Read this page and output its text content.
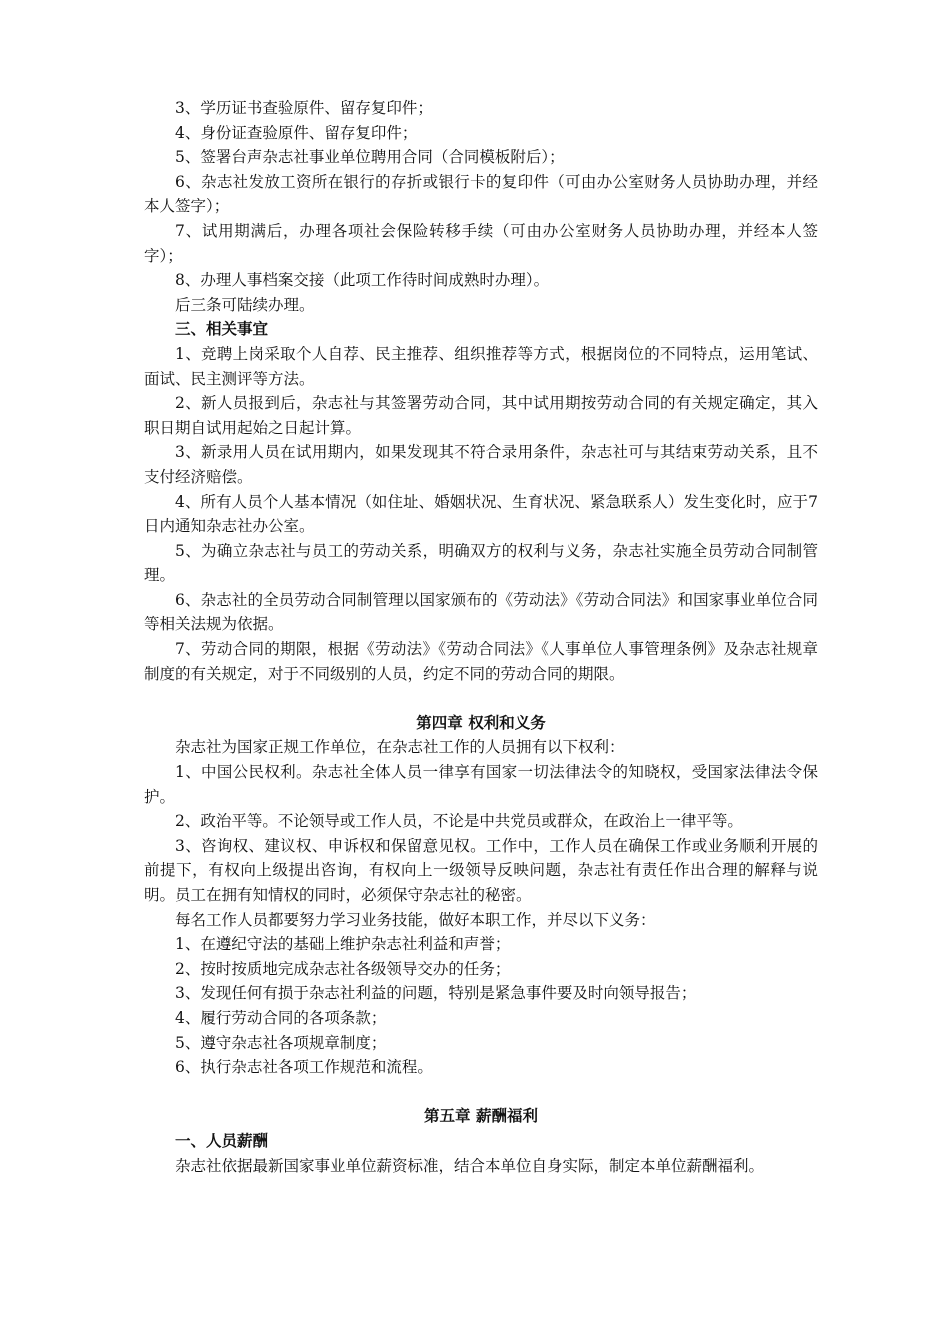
3、学历证书查验原件、留存复印件；

4、身份证查验原件、留存复印件；

5、签署台声杂志社事业单位聘用合同（合同模板附后）；

6、杂志社发放工资所在银行的存折或银行卡的复印件（可由办公室财务人员协助办理，并经本人签字）；

7、试用期满后，办理各项社会保险转移手续（可由办公室财务人员协助办理，并经本人签字）；

8、办理人事档案交接（此项工作待时间成熟时办理）。

后三条可陆续办理。

三、相关事宜

1、竞聘上岗采取个人自荐、民主推荐、组织推荐等方式，根据岗位的不同特点，运用笔试、面试、民主测评等方法。

2、新人员报到后，杂志社与其签署劳动合同，其中试用期按劳动合同的有关规定确定，其入职日期自试用起始之日起计算。

3、新录用人员在试用期内，如果发现其不符合录用条件，杂志社可与其结束劳动关系，且不支付经济赔偿。

4、所有人员个人基本情况（如住址、婚姻状况、生育状况、紧急联系人）发生变化时，应于7日内通知杂志社办公室。

5、为确立杂志社与员工的劳动关系，明确双方的权利与义务，杂志社实施全员劳动合同制管理。

6、杂志社的全员劳动合同制管理以国家颁布的《劳动法》《劳动合同法》和国家事业单位合同等相关法规为依据。

7、劳动合同的期限，根据《劳动法》《劳动合同法》《人事单位人事管理条例》及杂志社规章制度的有关规定，对于不同级别的人员，约定不同的劳动合同的期限。

第四章 权利和义务

杂志社为国家正规工作单位，在杂志社工作的人员拥有以下权利：

1、中国公民权利。杂志社全体人员一律享有国家一切法律法令的知晓权，受国家法律法令保护。

2、政治平等。不论领导或工作人员，不论是中共党员或群众，在政治上一律平等。

3、咨询权、建议权、申诉权和保留意见权。工作中，工作人员在确保工作或业务顺利开展的前提下，有权向上级提出咨询，有权向上一级领导反映问题，杂志社有责任作出合理的解释与说明。员工在拥有知情权的同时，必须保守杂志社的秘密。

每名工作人员都要努力学习业务技能，做好本职工作，并尽以下义务：

1、在遵纪守法的基础上维护杂志社利益和声誉；

2、按时按质地完成杂志社各级领导交办的任务；

3、发现任何有损于杂志社利益的问题，特别是紧急事件要及时向领导报告；

4、履行劳动合同的各项条款；

5、遵守杂志社各项规章制度；

6、执行杂志社各项工作规范和流程。

第五章 薪酬福利

一、人员薪酬

杂志社依据最新国家事业单位薪资标准，结合本单位自身实际，制定本单位薪酬福利。
